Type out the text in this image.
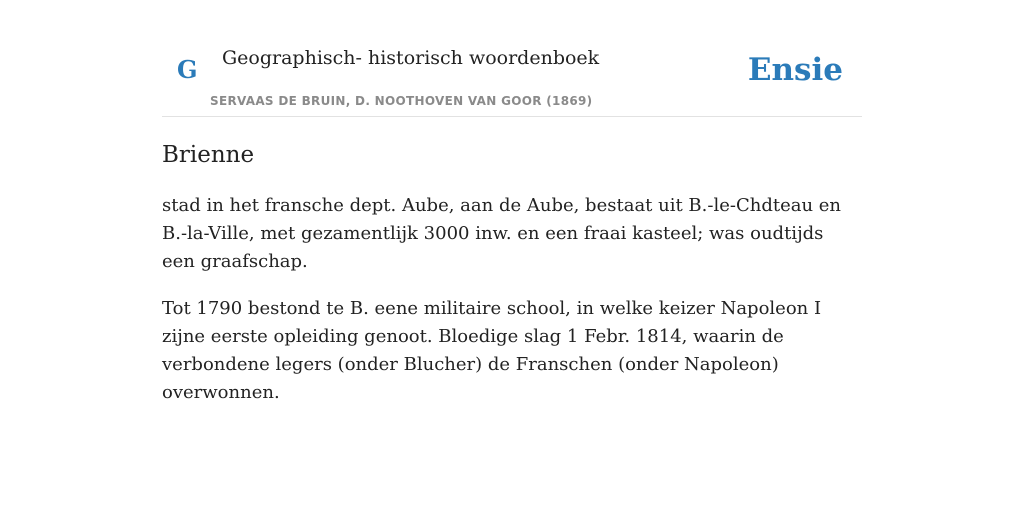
G Geographisch- historisch woordenboek
SERVAAS DE BRUIN, D. NOOTHOVEN VAN GOOR (1869)
Ensie
Brienne

stad in het fransche dept. Aube, aan de Aube, bestaat uit B.-le-Chdteau en B.-la-Ville, met gezamentlijk 3000 inw. en een fraai kasteel; was oudtijds een graafschap.

Tot 1790 bestond te B. eene militaire school, in welke keizer Napoleon I zijne eerste opleiding genoot. Bloedige slag 1 Febr. 1814, waarin de verbondene legers (onder Blucher) de Franschen (onder Napoleon) overwonnen.
